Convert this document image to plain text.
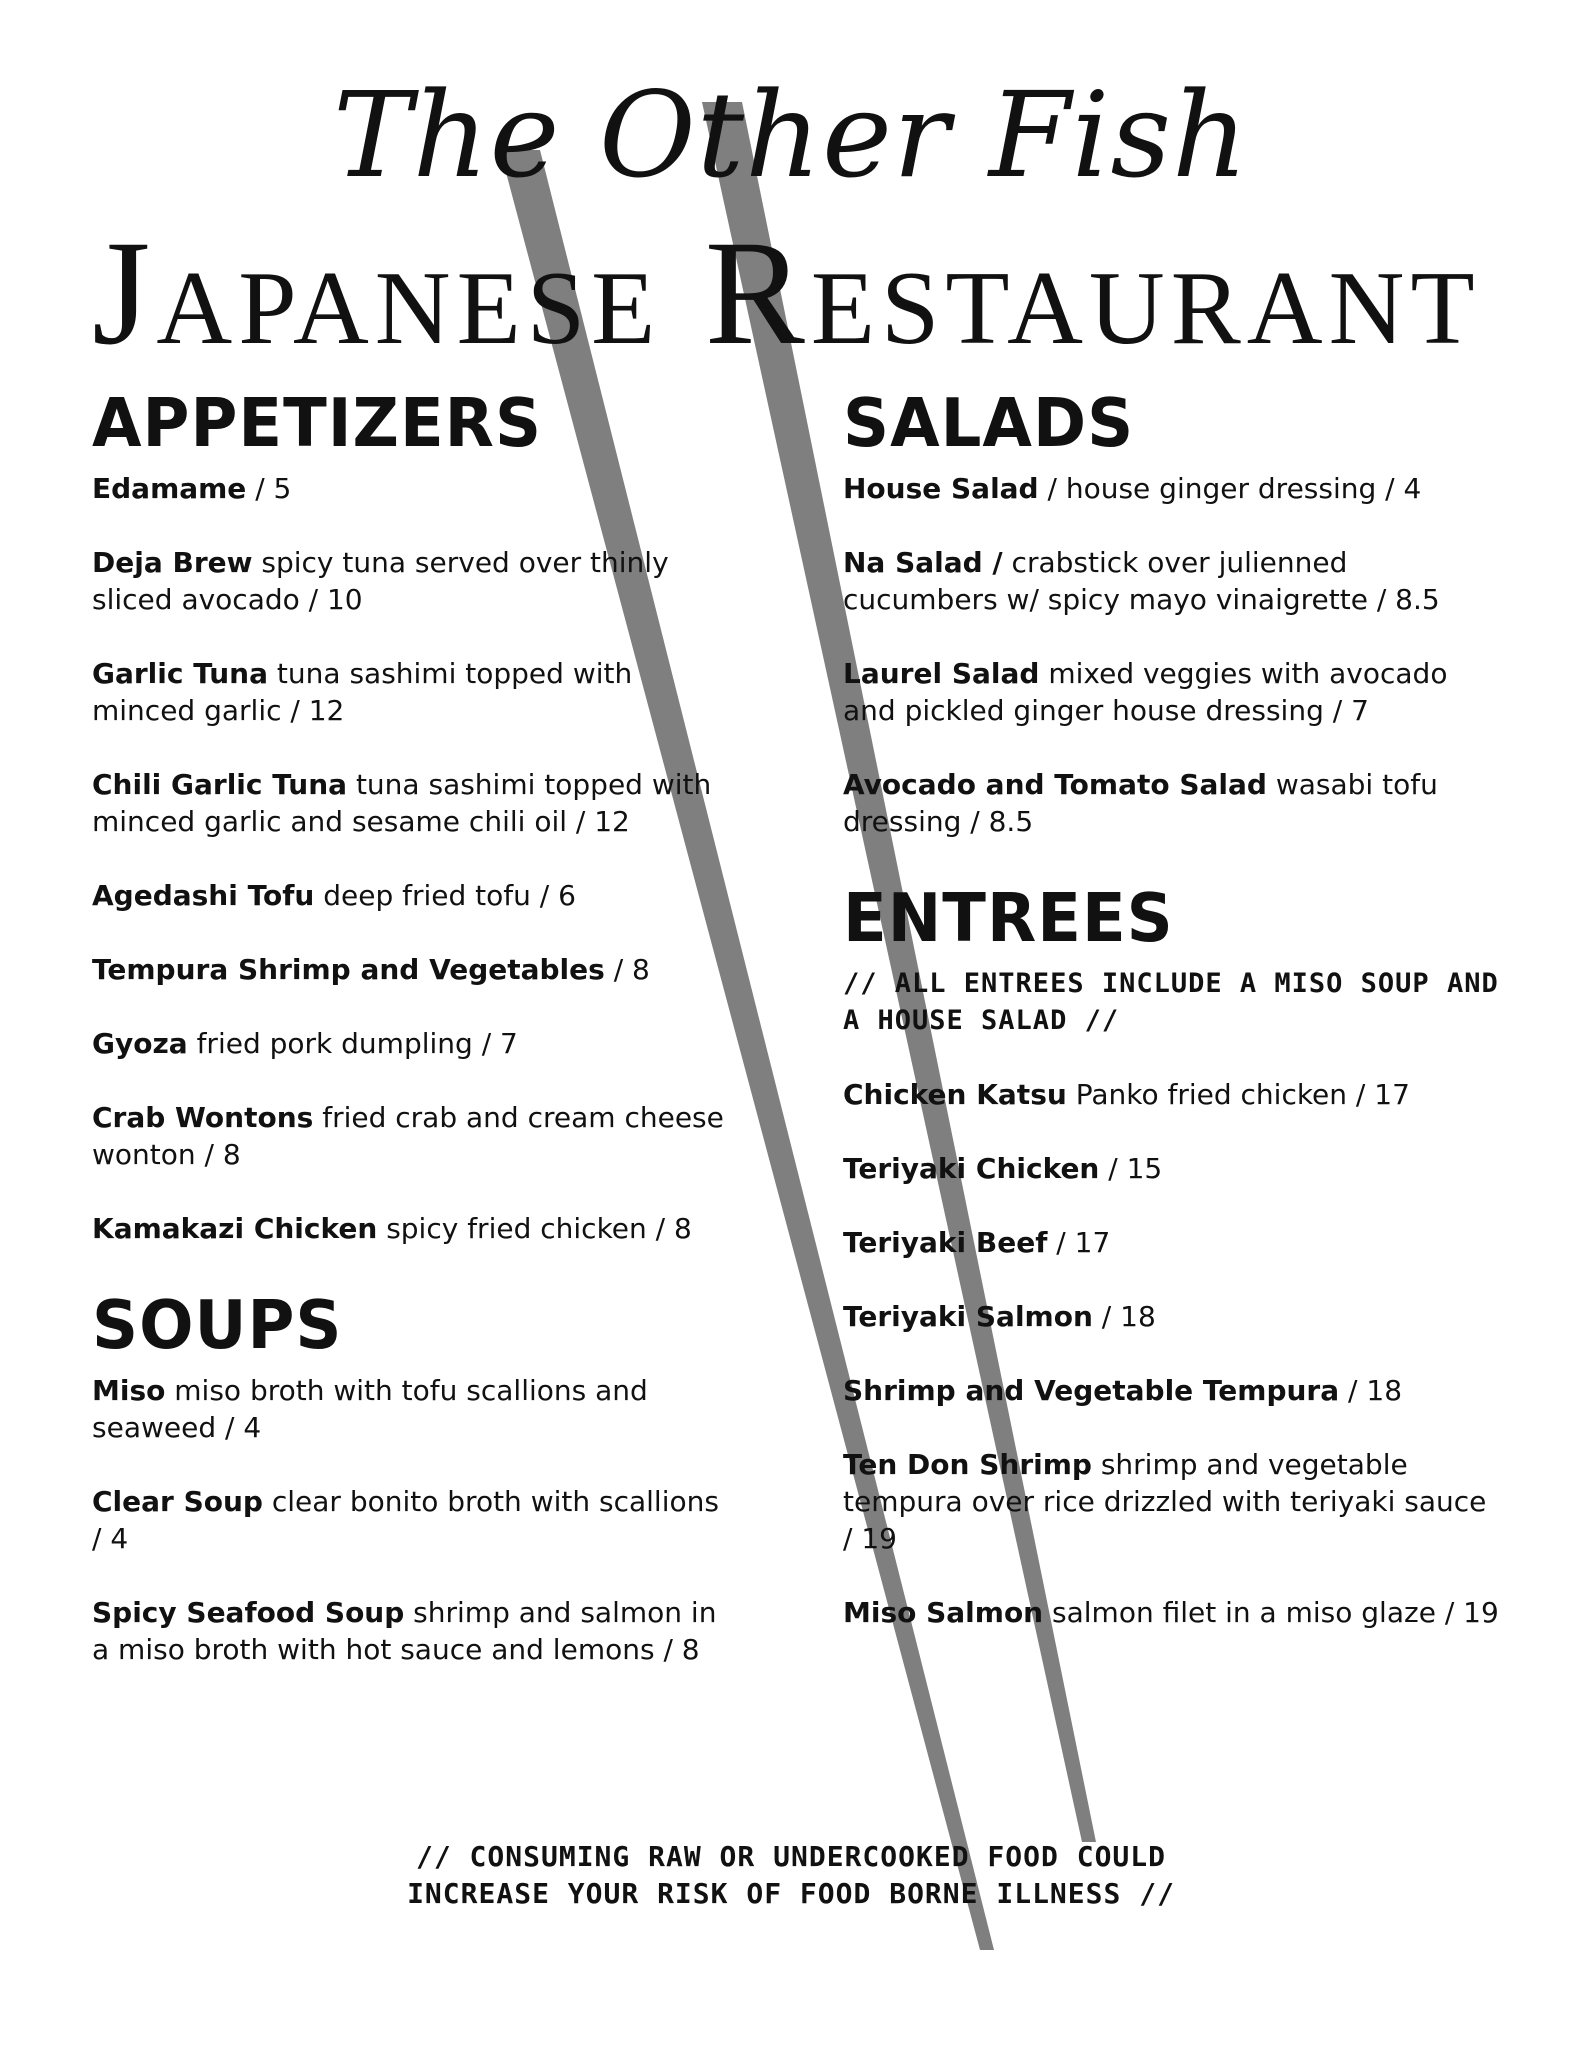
The Other Fish
Japanese Restaurant
APPETIZERS
Edamame / 5
Deja Brew spicy tuna served over thinly sliced avocado / 10
Garlic Tuna tuna sashimi topped with minced garlic / 12
Chili Garlic Tuna tuna sashimi topped with minced garlic and sesame chili oil / 12
Agedashi Tofu deep fried tofu / 6
Tempura Shrimp and Vegetables / 8
Gyoza fried pork dumpling / 7
Crab Wontons fried crab and cream cheese wonton / 8
Kamakazi Chicken spicy fried chicken / 8
SOUPS
Miso miso broth with tofu scallions and seaweed / 4
Clear Soup clear bonito broth with scallions / 4
Spicy Seafood Soup shrimp and salmon in a miso broth with hot sauce and lemons / 8
SALADS
House Salad / house ginger dressing / 4
Na Salad / crabstick over julienned cucumbers w/ spicy mayo vinaigrette / 8.5
Laurel Salad mixed veggies with avocado and pickled ginger house dressing / 7
Avocado and Tomato Salad wasabi tofu dressing / 8.5
ENTREES
// ALL ENTREES INCLUDE A MISO SOUP AND A HOUSE SALAD //
Chicken Katsu Panko fried chicken / 17
Teriyaki Chicken / 15
Teriyaki Beef / 17
Teriyaki Salmon / 18
Shrimp and Vegetable Tempura / 18
Ten Don Shrimp shrimp and vegetable tempura over rice drizzled with teriyaki sauce / 19
Miso Salmon salmon filet in a miso glaze / 19
// CONSUMING RAW OR UNDERCOOKED FOOD COULD
INCREASE YOUR RISK OF FOOD BORNE ILLNESS //
